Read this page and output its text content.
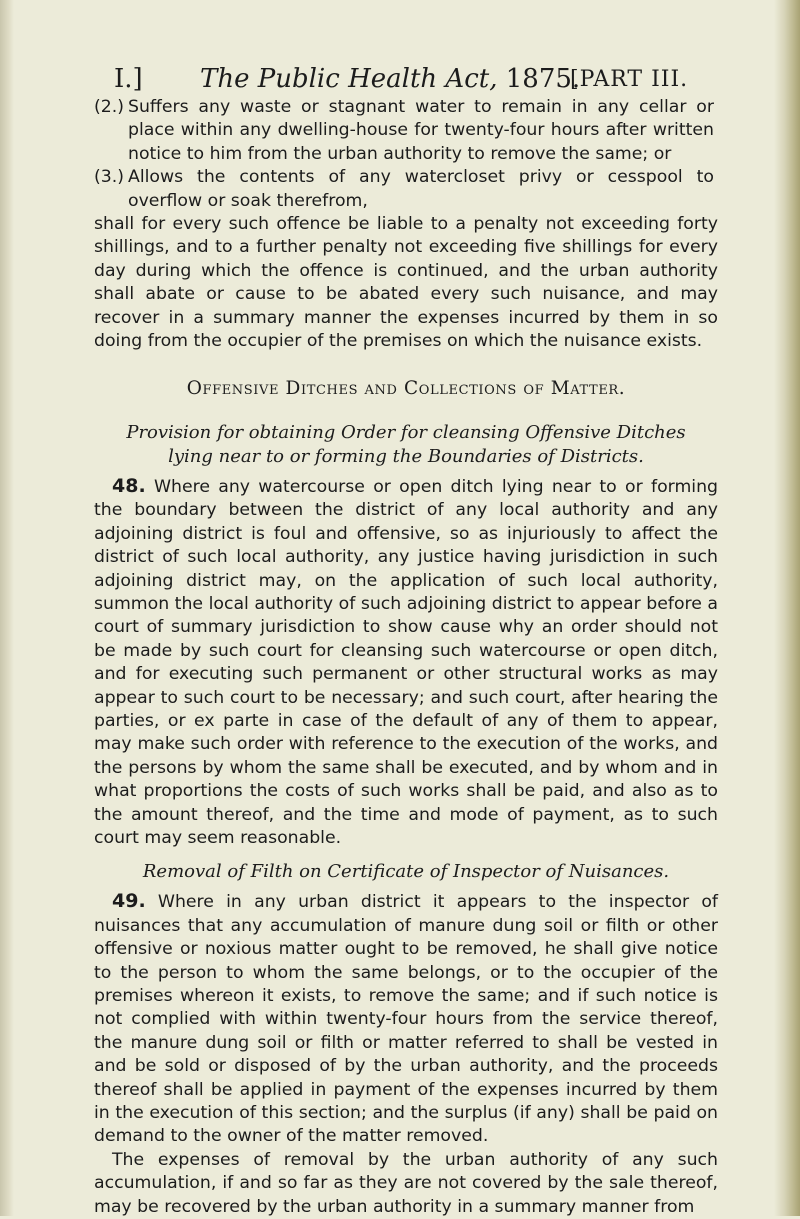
I.] The Public Health Act, 1875.
[PART III.

(2.) Suffers any waste or stagnant water to remain in any cellar or place within any dwelling-house for twenty-four hours after written notice to him from the urban authority to remove the same; or

(3.) Allows the contents of any watercloset privy or cesspool to overflow or soak therefrom,

shall for every such offence be liable to a penalty not exceeding forty shillings, and to a further penalty not exceeding five shillings for every day during which the offence is continued, and the urban authority shall abate or cause to be abated every such nuisance, and may recover in a summary manner the expenses incurred by them in so doing from the occupier of the premises on which the nuisance exists.

Offensive Ditches and Collections of Matter.
Provision for obtaining Order for cleansing Offensive Ditches lying near to or forming the Boundaries of Districts.

48. Where any watercourse or open ditch lying near to or forming the boundary between the district of any local authority and any adjoining district is foul and offensive, so as injuriously to affect the district of such local authority, any justice having jurisdiction in such adjoining district may, on the application of such local authority, summon the local authority of such adjoining district to appear before a court of summary jurisdiction to show cause why an order should not be made by such court for cleansing such watercourse or open ditch, and for executing such permanent or other structural works as may appear to such court to be necessary; and such court, after hearing the parties, or ex parte in case of the default of any of them to appear, may make such order with reference to the execution of the works, and the persons by whom the same shall be executed, and by whom and in what proportions the costs of such works shall be paid, and also as to the amount thereof, and the time and mode of payment, as to such court may seem reasonable.

Removal of Filth on Certificate of Inspector of Nuisances.

49. Where in any urban district it appears to the inspector of nuisances that any accumulation of manure dung soil or filth or other offensive or noxious matter ought to be removed, he shall give notice to the person to whom the same belongs, or to the occupier of the premises whereon it exists, to remove the same; and if such notice is not complied with within twenty-four hours from the service thereof, the manure dung soil or filth or matter referred to shall be vested in and be sold or disposed of by the urban authority, and the proceeds thereof shall be applied in payment of the expenses incurred by them in the execution of this section; and the surplus (if any) shall be paid on demand to the owner of the matter removed.

The expenses of removal by the urban authority of any such accumulation, if and so far as they are not covered by the sale thereof, may be recovered by the urban authority in a summary manner from
